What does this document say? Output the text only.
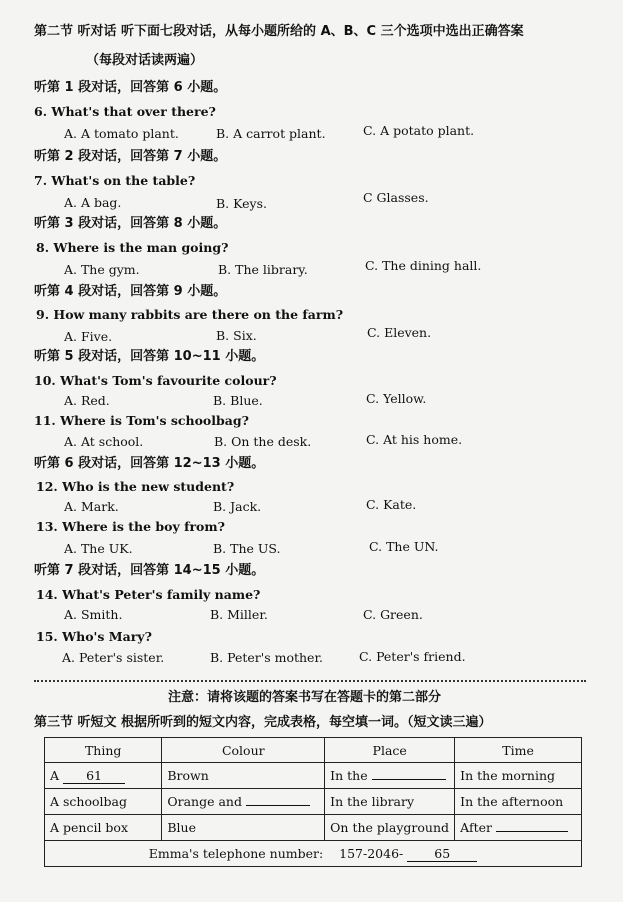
第二节 听对话 听下面七段对话，从每小题所给的 A、B、C 三个选项中选出正确答案
（每段对话读两遍）
听第 1 段对话，回答第 6 小题。
6. What's that over there?
A. A tomato plant.	B. A carrot plant.	C. A potato plant.
听第 2 段对话，回答第 7 小题。
7. What's on the table?
A. A bag.	B. Keys.	C Glasses.
听第 3 段对话，回答第 8 小题。
8. Where is the man going?
A. The gym.	B. The library.	C. The dining hall.
听第 4 段对话，回答第 9 小题。
9. How many rabbits are there on the farm?
A. Five.	B. Six.	C. Eleven.
听第 5 段对话，回答第 10~11 小题。
10. What's Tom's favourite colour?
A. Red.	B. Blue.	C. Yellow.
11. Where is Tom's schoolbag?
A. At school.	B. On the desk.	C. At his home.
听第 6 段对话，回答第 12~13 小题。
12. Who is the new student?
A. Mark.	B. Jack.	C. Kate.
13. Where is the boy from?
A. The UK.	B. The US.	C. The UN.
听第 7 段对话，回答第 14~15 小题。
14. What's Peter's family name?
A. Smith.	B. Miller.	C. Green.
15. Who's Mary?
A. Peter's sister.	B. Peter's mother.	C. Peter's friend.
注意：请将该题的答案书写在答题卡的第二部分
第三节 听短文 根据所听到的短文内容，完成表格，每空填一词。（短文读三遍）
Thing	Colour	Place	Time
A 61	Brown	In the	In the morning
A schoolbag	Orange and	In the library	In the afternoon
A pencil box	Blue	On the playground	After
Emma's telephone number: 157-2046- 65			
